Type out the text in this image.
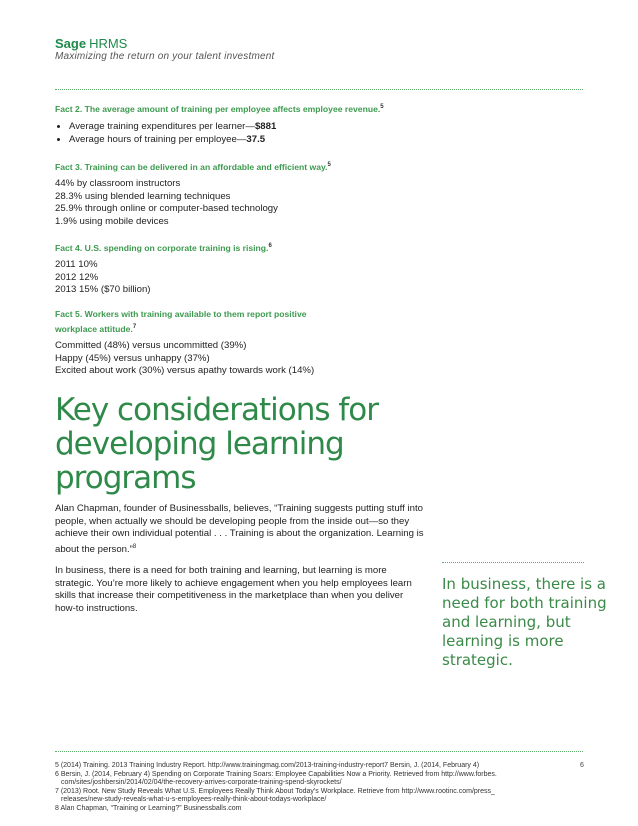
Sage HRMS
Maximizing the return on your talent investment
Fact 2. The average amount of training per employee affects employee revenue.$^5$
• Average training expenditures per learner—$881
• Average hours of training per employee—37.5
Fact 3. Training can be delivered in an affordable and efficient way.$^5$
44% by classroom instructors
28.3% using blended learning techniques
25.9% through online or computer-based technology
1.9% using mobile devices
Fact 4. U.S. spending on corporate training is rising.$^6$
2011 10%
2012 12%
2013 15% ($70 billion)
Fact 5. Workers with training available to them report positive
workplace attitude.$^7$
Committed (48%) versus uncommitted (39%)
Happy (45%) versus unhappy (37%)
Excited about work (30%) versus apathy towards work (14%)
Key considerations for
developing learning
programs
Alan Chapman, founder of Businessballs, believes, “Training suggests putting stuff into
people, when actually we should be developing people from the inside out—so they
achieve their own individual potential . . . Training is about the organization. Learning is
about the person.”$^8$
In business, there is a need for both training and learning, but learning is more
strategic. You’re more likely to achieve engagement when you help employees learn
skills that increase their competitiveness in the marketplace than when you deliver
how-to instructions.
In business, there is a
need for both training
and learning, but
learning is more
strategic.
5 (2014) Training. 2013 Training Industry Report. http://www.trainingmag.com/2013-training-industry-report7 Bersin, J. (2014, February 4)
6 Bersin, J. (2014, February 4) Spending on Corporate Training Soars: Employee Capabilities Now a Priority. Retrieved from http://www.forbes.
com/sites/joshbersin/2014/02/04/the-recovery-arrives-corporate-training-spend-skyrockets/
7 (2013) Root. New Study Reveals What U.S. Employees Really Think About Today’s Workplace. Retrieve from http://www.rootinc.com/press_
releases/new-study-reveals-what-u-s-employees-really-think-about-todays-workplace/
8 Alan Chapman, “Training or Learning?” Businessballs.com
6
